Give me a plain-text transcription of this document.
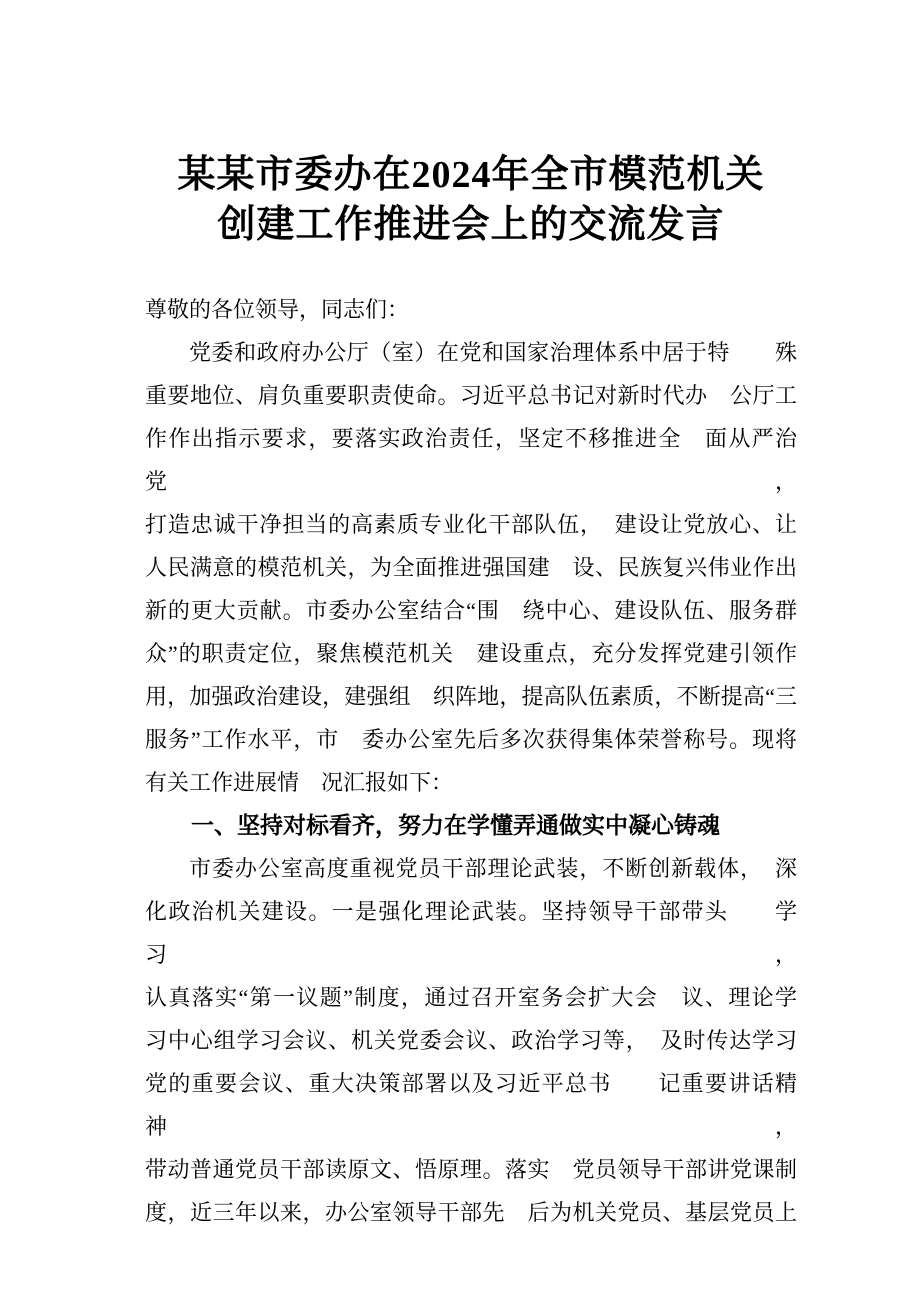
某某市委办在2024年全市模范机关
创建工作推进会上的交流发言
尊敬的各位领导，同志们：
党委和政府办公厅（室）在党和国家治理体系中居于特　　殊
重要地位、肩负重要职责使命。习近平总书记对新时代办　公厅工
作作出指示要求，要落实政治责任，坚定不移推进全　面从严治党，
打造忠诚干净担当的高素质专业化干部队伍，　建设让党放心、让
人民满意的模范机关，为全面推进强国建　设、民族复兴伟业作出
新的更大贡献。市委办公室结合“围　绕中心、建设队伍、服务群
众”的职责定位，聚焦模范机关　建设重点，充分发挥党建引领作
用，加强政治建设，建强组　织阵地，提高队伍素质，不断提高“三
服务”工作水平，市　委办公室先后多次获得集体荣誉称号。现将
有关工作进展情　况汇报如下：
一、坚持对标看齐，努力在学懂弄通做实中凝心铸魂
市委办公室高度重视党员干部理论武装，不断创新载体，　深
化政治机关建设。一是强化理论武装。坚持领导干部带头　　学习，
认真落实“第一议题”制度，通过召开室务会扩大会　议、理论学
习中心组学习会议、机关党委会议、政治学习等，　及时传达学习
党的重要会议、重大决策部署以及习近平总书　　记重要讲话精神，
带动普通党员干部读原文、悟原理。落实　党员领导干部讲党课制
度，近三年以来，办公室领导干部先　后为机关党员、基层党员上
